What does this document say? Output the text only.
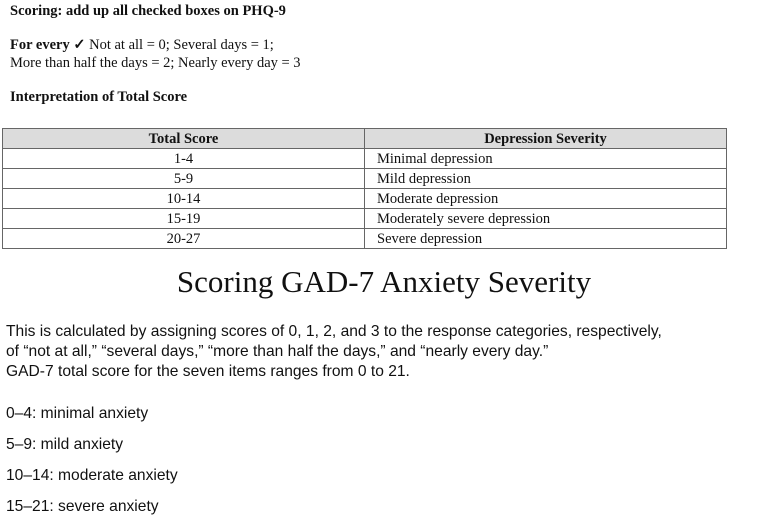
Scoring: add up all checked boxes on PHQ-9
For every ✓ Not at all = 0; Several days = 1;
More than half the days = 2; Nearly every day = 3
Interpretation of Total Score
Total Score	Depression Severity
1-4	Minimal depression
5-9	Mild depression
10-14	Moderate depression
15-19	Moderately severe depression
20-27	Severe depression
Scoring GAD-7 Anxiety Severity
This is calculated by assigning scores of 0, 1, 2, and 3 to the response categories, respectively,
of “not at all,” “several days,” “more than half the days,” and “nearly every day.”
GAD-7 total score for the seven items ranges from 0 to 21.
0–4: minimal anxiety
5–9: mild anxiety
10–14: moderate anxiety
15–21: severe anxiety
